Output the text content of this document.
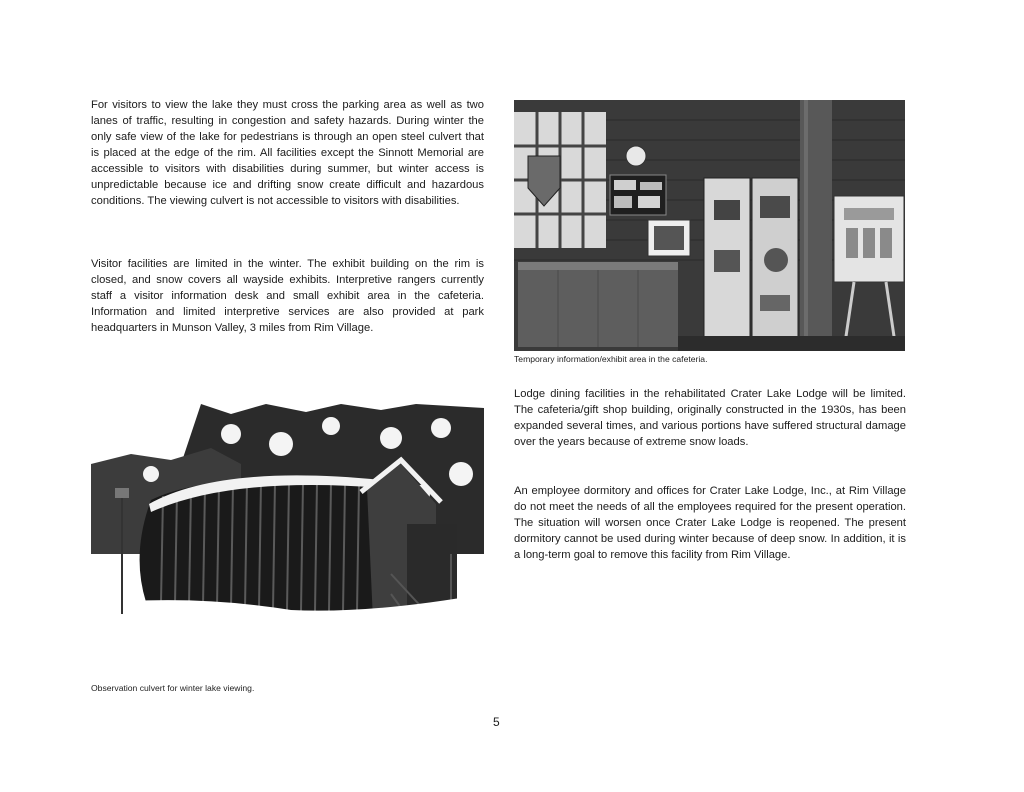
For visitors to view the lake they must cross the parking area as well as two lanes of traffic, resulting in congestion and safety hazards. During winter the only safe view of the lake for pedestrians is through an open steel culvert that is placed at the edge of the rim. All facilities except the Sinnott Memorial are accessible to visitors with disabilities during summer, but winter access is unpredictable because ice and drifting snow create difficult and hazardous conditions. The viewing culvert is not accessible to visitors with disabilities.

Visitor facilities are limited in the winter. The exhibit building on the rim is closed, and snow covers all wayside exhibits. Interpretive rangers currently staff a visitor information desk and small exhibit area in the cafeteria. Information and limited interpretive services are also provided at park headquarters in Munson Valley, 3 miles from Rim Village.

Temporary information/exhibit area in the cafeteria.

Lodge dining facilities in the rehabilitated Crater Lake Lodge will be limited. The cafeteria/gift shop building, originally constructed in the 1930s, has been expanded several times, and various portions have suffered structural damage over the years because of extreme snow loads.

An employee dormitory and offices for Crater Lake Lodge, Inc., at Rim Village do not meet the needs of all the employees required for the present operation. The situation will worsen once Crater Lake Lodge is reopened. The present dormitory cannot be used during winter because of deep snow. In addition, it is a long-term goal to remove this facility from Rim Village.

Observation culvert for winter lake viewing.

5
